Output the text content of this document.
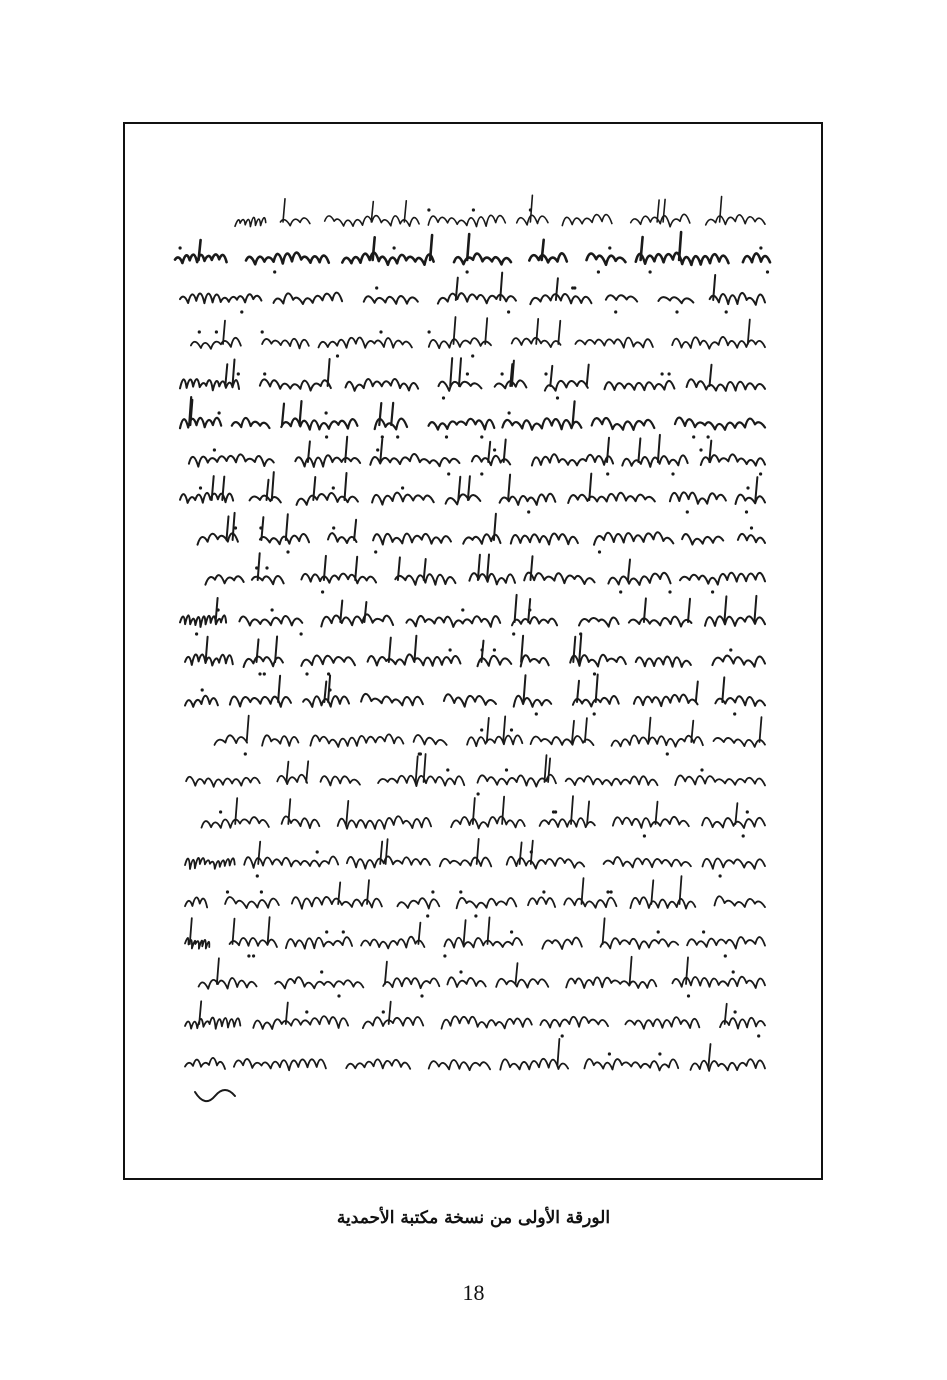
الورقة الأولى من نسخة مكتبة الأحمدية
18
